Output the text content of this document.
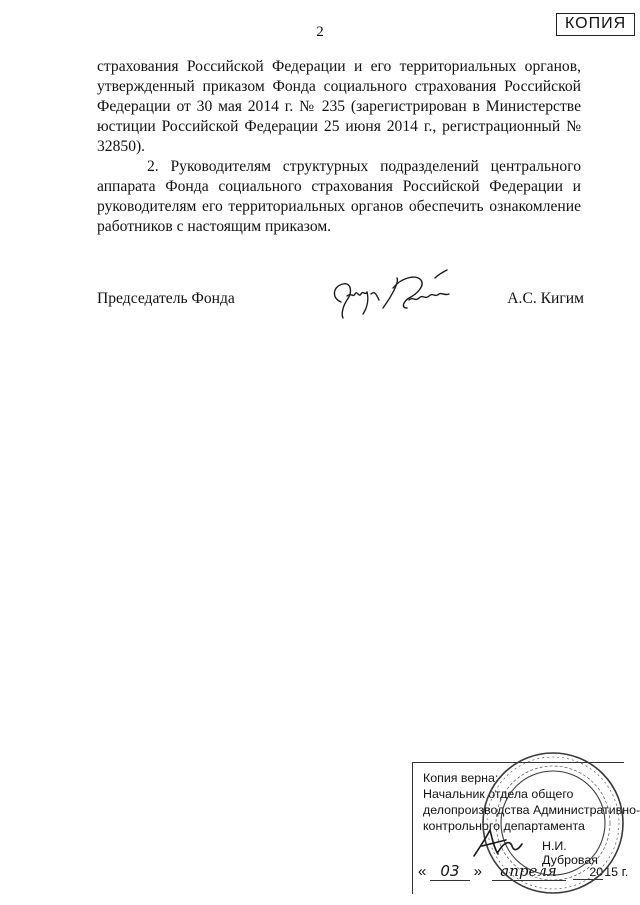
2	КОПИЯ

страхования Российской Федерации и его территориальных органов, утвержденный приказом Фонда социального страхования Российской Федерации от 30 мая 2014 г. № 235 (зарегистрирован в Министерстве юстиции Российской Федерации 25 июня 2014 г., регистрационный № 32850).

2. Руководителям структурных подразделений центрального аппарата Фонда социального страхования Российской Федерации и руководителям его территориальных органов обеспечить ознакомление работников с настоящим приказом.

Председатель Фонда	А.С. Кигим
Копия верна:
Начальник отдела общего
делопроизводства Административно-
контрольного департамента
Н.И. Дубровая
« 03 » апреля	2015 г.
